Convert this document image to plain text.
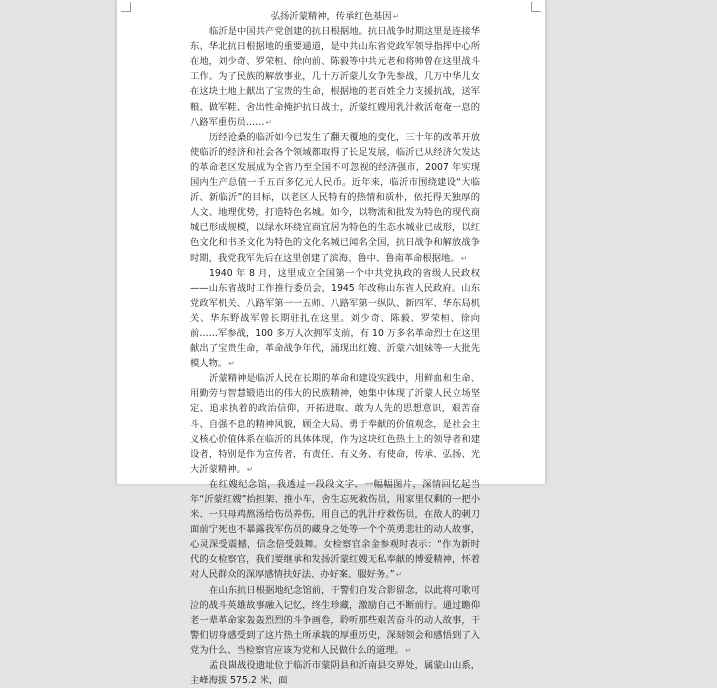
弘扬沂蒙精神，传承红色基因↵

临沂是中国共产党创建的抗日根据地。抗日战争时期这里是连接华东、华北抗日根据地的重要通道，是中共山东省党政军领导指挥中心所在地，刘少奇、罗荣桓、徐向前、陈毅等中共元老和将帅曾在这里战斗工作。为了民族的解放事业，几十万沂蒙儿女争先参战，几万中华儿女在这块土地上献出了宝贵的生命，根据地的老百姓全力支援抗战，送军粮、做军鞋、舍出性命掩护抗日战士，沂蒙红嫂用乳汁救活奄奄一息的八路军重伤员……↵

历经沧桑的临沂如今已发生了翻天覆地的变化，三十年的改革开放使临沂的经济和社会各个领域都取得了长足发展，临沂已从经济欠发达的革命老区发展成为全省乃至全国不可忽视的经济强市，2007 年实现国内生产总值一千五百多亿元人民币。近年来，临沂市围绕建设“大临沂、新临沂”的目标，以老区人民特有的热情和质朴，依托得天独厚的人文、地理优势，打造特色名城。如今，以物流和批发为特色的现代商城已形成规模，以绿水环绕宜商宜居为特色的生态水城业已成形，以红色文化和书圣文化为特色的文化名城已闻名全国，抗日战争和解放战争时期，我党我军先后在这里创建了滨海、鲁中、鲁南革命根据地。↵

1940 年 8 月，这里成立全国第一个中共党执政的省级人民政权——山东省战时工作推行委员会，1945 年改称山东省人民政府。山东党政军机关、八路军第一一五师、八路军第一纵队、新四军、华东局机关、华东野战军曾长期驻扎在这里。刘少奇、陈毅、罗荣桓、徐向前……军参战，100 多万人次拥军支前，有 10 万多名革命烈士在这里献出了宝贵生命，革命战争年代，涌现出红嫂、沂蒙六姐妹等一大批先模人物。↵

沂蒙精神是临沂人民在长期的革命和建设实践中，用鲜血和生命、用勤劳与智慧锻造出的伟大的民族精神，她集中体现了沂蒙人民立场坚定、追求执着的政治信仰，开拓进取、敢为人先的思想意识，艰苦奋斗、自强不息的精神风貌，顾全大局、勇于奉献的价值观念，是社会主义核心价值体系在临沂的具体体现，作为这块红色热土上的领导者和建设者，特别是作为宣传者，有责任、有义务、有使命，传承、弘扬、光大沂蒙精神。↵

在红嫂纪念馆，我透过一段段文字、一幅幅图片，深情回忆起当年“沂蒙红嫂”抬担架、推小车，舍生忘死救伤员，用家里仅剩的一把小米、一只母鸡熬汤给伤员养伤，用自己的乳汁疗救伤员，在敌人的刺刀面前宁死也不暴露我军伤员的藏身之处等一个个英勇悲壮的动人故事，心灵深受震撼，信念倍受鼓舞。女检察官余金参观时表示：“作为新时代的女检察官，我们要继承和发扬沂蒙红嫂无私奉献的博爱精神，怀着对人民群众的深厚感情扶好法、办好案、服好务。”↵

在山东抗日根据地纪念馆前，干警们自发合影留念，以此将可歌可泣的战斗英雄故事融入记忆，终生珍藏，激励自己不断前行。通过瞻仰老一辈革命家轰轰烈烈的斗争画卷，聆听那些艰苦奋斗的动人故事，干警们切身感受到了这片热土所承载的厚重历史，深刻领会和感悟到了入党为什么、当检察官应该为党和人民做什么的道理。↵

孟良崮战役遗址位于临沂市蒙阴县和沂南县交界处，属蒙山山系，主峰海拔 575.2 米，面
